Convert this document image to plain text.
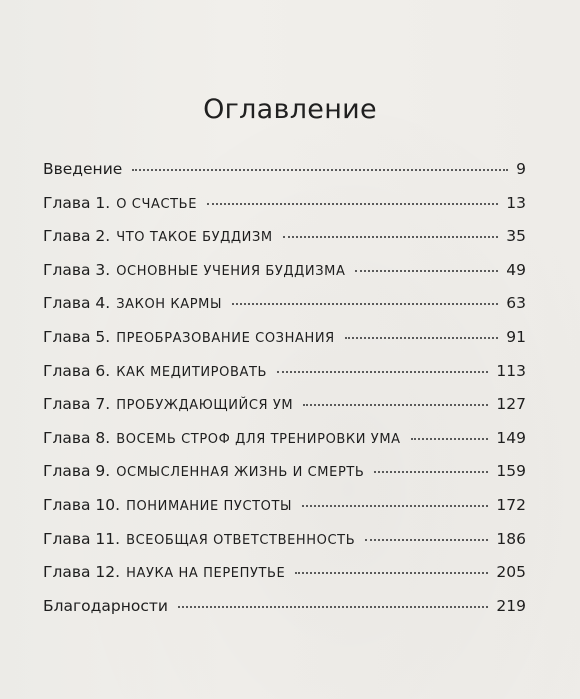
Оглавление
Введение	9
Глава 1. О СЧАСТЬЕ	13
Глава 2. ЧТО ТАКОЕ БУДДИЗМ	35
Глава 3. ОСНОВНЫЕ УЧЕНИЯ БУДДИЗМА	49
Глава 4. ЗАКОН КАРМЫ	63
Глава 5. ПРЕОБРАЗОВАНИЕ СОЗНАНИЯ	91
Глава 6. КАК МЕДИТИРОВАТЬ	113
Глава 7. ПРОБУЖДАЮЩИЙСЯ УМ	127
Глава 8. ВОСЕМЬ СТРОФ ДЛЯ ТРЕНИРОВКИ УМА	149
Глава 9. ОСМЫСЛЕННАЯ ЖИЗНЬ И СМЕРТЬ	159
Глава 10. ПОНИМАНИЕ ПУСТОТЫ	172
Глава 11. ВСЕОБЩАЯ ОТВЕТСТВЕННОСТЬ	186
Глава 12. НАУКА НА ПЕРЕПУТЬЕ	205
Благодарности	219
